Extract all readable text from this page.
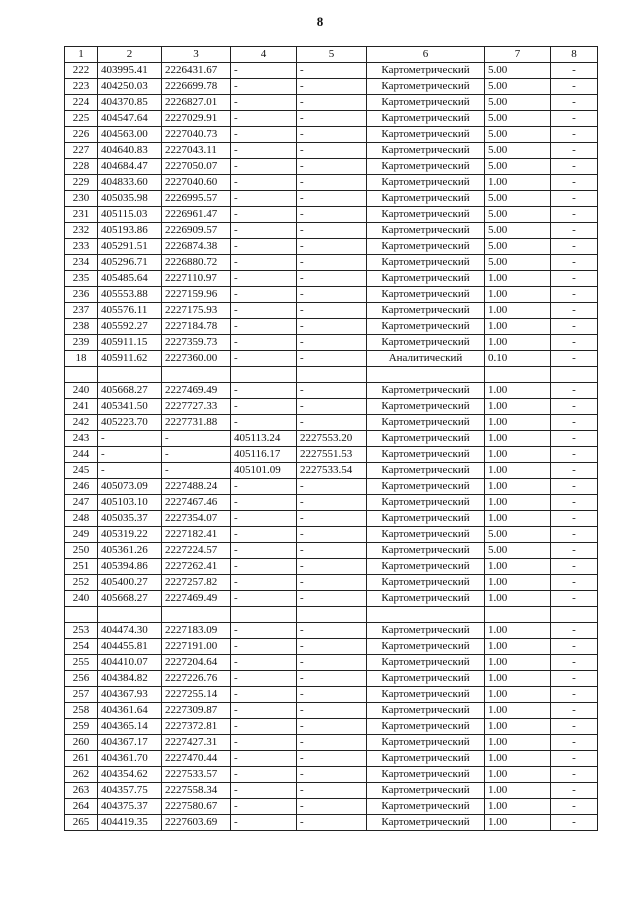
8
1	2	3	4	5	6	7	8
222	403995.41	2226431.67	-	-	Картометрический	5.00	-
223	404250.03	2226699.78	-	-	Картометрический	5.00	-
224	404370.85	2226827.01	-	-	Картометрический	5.00	-
225	404547.64	2227029.91	-	-	Картометрический	5.00	-
226	404563.00	2227040.73	-	-	Картометрический	5.00	-
227	404640.83	2227043.11	-	-	Картометрический	5.00	-
228	404684.47	2227050.07	-	-	Картометрический	5.00	-
229	404833.60	2227040.60	-	-	Картометрический	1.00	-
230	405035.98	2226995.57	-	-	Картометрический	5.00	-
231	405115.03	2226961.47	-	-	Картометрический	5.00	-
232	405193.86	2226909.57	-	-	Картометрический	5.00	-
233	405291.51	2226874.38	-	-	Картометрический	5.00	-
234	405296.71	2226880.72	-	-	Картометрический	5.00	-
235	405485.64	2227110.97	-	-	Картометрический	1.00	-
236	405553.88	2227159.96	-	-	Картометрический	1.00	-
237	405576.11	2227175.93	-	-	Картометрический	1.00	-
238	405592.27	2227184.78	-	-	Картометрический	1.00	-
239	405911.15	2227359.73	-	-	Картометрический	1.00	-
18	405911.62	2227360.00	-	-	Аналитический	0.10	-

240	405668.27	2227469.49	-	-	Картометрический	1.00	-
241	405341.50	2227727.33	-	-	Картометрический	1.00	-
242	405223.70	2227731.88	-	-	Картометрический	1.00	-
243	-	-	405113.24	2227553.20	Картометрический	1.00	-
244	-	-	405116.17	2227551.53	Картометрический	1.00	-
245	-	-	405101.09	2227533.54	Картометрический	1.00	-
246	405073.09	2227488.24	-	-	Картометрический	1.00	-
247	405103.10	2227467.46	-	-	Картометрический	1.00	-
248	405035.37	2227354.07	-	-	Картометрический	1.00	-
249	405319.22	2227182.41	-	-	Картометрический	5.00	-
250	405361.26	2227224.57	-	-	Картометрический	5.00	-
251	405394.86	2227262.41	-	-	Картометрический	1.00	-
252	405400.27	2227257.82	-	-	Картометрический	1.00	-
240	405668.27	2227469.49	-	-	Картометрический	1.00	-

253	404474.30	2227183.09	-	-	Картометрический	1.00	-
254	404455.81	2227191.00	-	-	Картометрический	1.00	-
255	404410.07	2227204.64	-	-	Картометрический	1.00	-
256	404384.82	2227226.76	-	-	Картометрический	1.00	-
257	404367.93	2227255.14	-	-	Картометрический	1.00	-
258	404361.64	2227309.87	-	-	Картометрический	1.00	-
259	404365.14	2227372.81	-	-	Картометрический	1.00	-
260	404367.17	2227427.31	-	-	Картометрический	1.00	-
261	404361.70	2227470.44	-	-	Картометрический	1.00	-
262	404354.62	2227533.57	-	-	Картометрический	1.00	-
263	404357.75	2227558.34	-	-	Картометрический	1.00	-
264	404375.37	2227580.67	-	-	Картометрический	1.00	-
265	404419.35	2227603.69	-	-	Картометрический	1.00	-
